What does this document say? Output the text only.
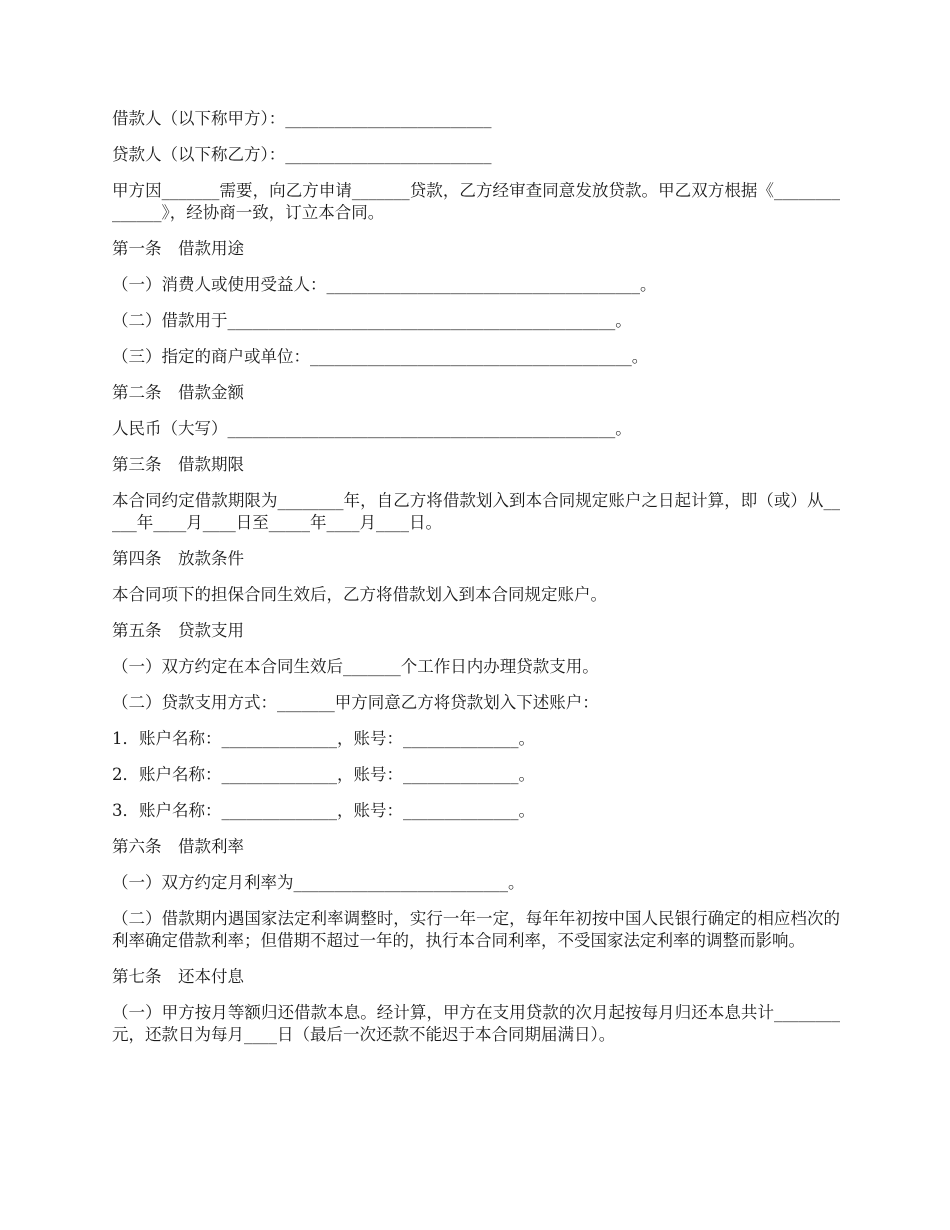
借款人（以下称甲方）：_________________________

贷款人（以下称乙方）：_________________________

甲方因_______需要，向乙方申请_______贷款，乙方经审查同意发放贷款。甲乙双方根据《______________》，经协商一致，订立本合同。

第一条　借款用途

（一）消费人或使用受益人：______________________________________。

（二）借款用于_______________________________________________。

（三）指定的商户或单位：_______________________________________。

第二条　借款金额

人民币（大写）_______________________________________________。

第三条　借款期限

本合同约定借款期限为________年，自乙方将借款划入到本合同规定账户之日起计算，即（或）从_____年____月____日至_____年____月____日。

第四条　放款条件

本合同项下的担保合同生效后，乙方将借款划入到本合同规定账户。

第五条　贷款支用

（一）双方约定在本合同生效后_______个工作日内办理贷款支用。

（二）贷款支用方式：_______甲方同意乙方将贷款划入下述账户：

1．账户名称：______________，账号：______________。

2．账户名称：______________，账号：______________。

3．账户名称：______________，账号：______________。

第六条　借款利率

（一）双方约定月利率为__________________________。

（二）借款期内遇国家法定利率调整时，实行一年一定，每年年初按中国人民银行确定的相应档次的利率确定借款利率；但借期不超过一年的，执行本合同利率，不受国家法定利率的调整而影响。

第七条　还本付息

（一）甲方按月等额归还借款本息。经计算，甲方在支用贷款的次月起按每月归还本息共计________元，还款日为每月____日（最后一次还款不能迟于本合同期届满日）。
